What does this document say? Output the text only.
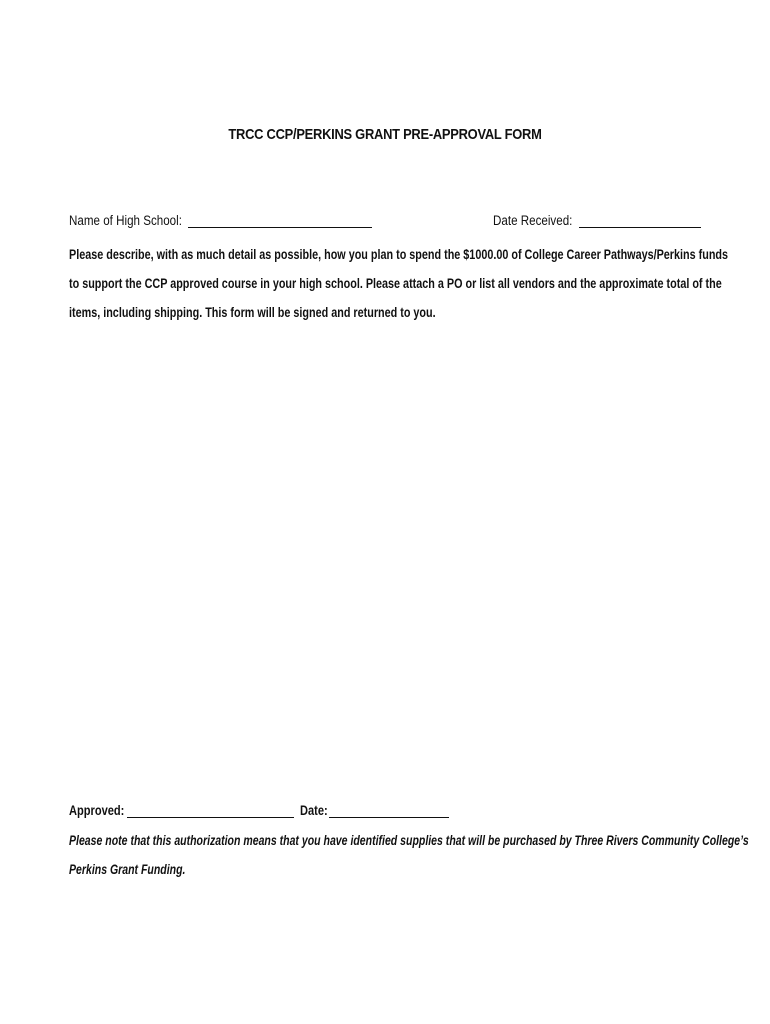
TRCC CCP/PERKINS GRANT PRE-APPROVAL FORM
Name of High School:	Date Received:
Please describe, with as much detail as possible, how you plan to spend the $1000.00 of College Career Pathways/Perkins funds
to support the CCP approved course in your high school. Please attach a PO or list all vendors and the approximate total of the
items, including shipping. This form will be signed and returned to you.
Approved:	Date:
Please note that this authorization means that you have identified supplies that will be purchased by Three Rivers Community College’s
Perkins Grant Funding.
